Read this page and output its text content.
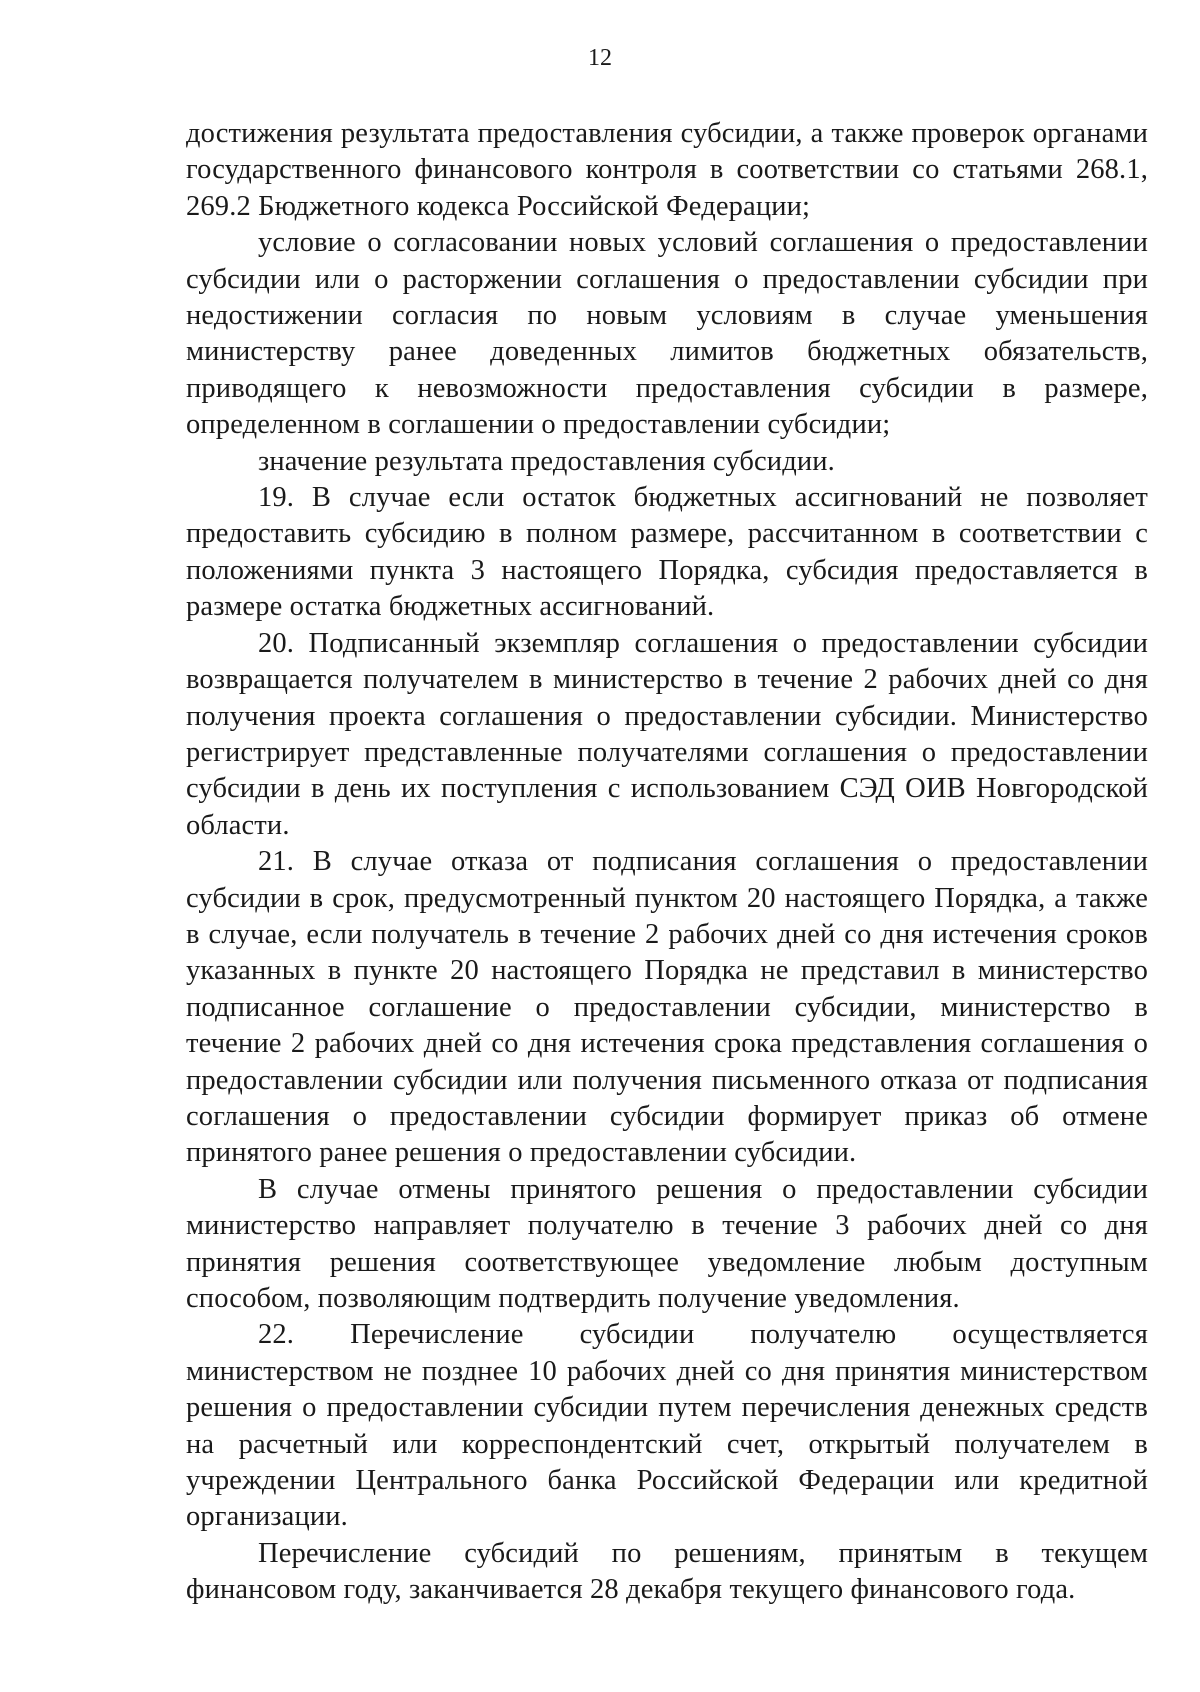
12

достижения результата предоставления субсидии, а также проверок органами государственного финансового контроля в соответствии со статьями 268.1, 269.2 Бюджетного кодекса Российской Федерации;

условие о согласовании новых условий соглашения о предоставлении субсидии или о расторжении соглашения о предоставлении субсидии при недостижении согласия по новым условиям в случае уменьшения министерству ранее доведенных лимитов бюджетных обязательств, приводящего к невозможности предоставления субсидии в размере, определенном в соглашении о предоставлении субсидии;

значение результата предоставления субсидии.

19. В случае если остаток бюджетных ассигнований не позволяет предоставить субсидию в полном размере, рассчитанном в соответствии с положениями пункта 3 настоящего Порядка, субсидия предоставляется в размере остатка бюджетных ассигнований.

20. Подписанный экземпляр соглашения о предоставлении субсидии возвращается получателем в министерство в течение 2 рабочих дней со дня получения проекта соглашения о предоставлении субсидии. Министерство регистрирует представленные получателями соглашения о предоставлении субсидии в день их поступления с использованием СЭД ОИВ Новгородской области.

21. В случае отказа от подписания соглашения о предоставлении субсидии в срок, предусмотренный пунктом 20 настоящего Порядка, а также в случае, если получатель в течение 2 рабочих дней со дня истечения сроков указанных в пункте 20 настоящего Порядка не представил в министерство подписанное соглашение о предоставлении субсидии, министерство в течение 2 рабочих дней со дня истечения срока представления соглашения о предоставлении субсидии или получения письменного отказа от подписания соглашения о предоставлении субсидии формирует приказ об отмене принятого ранее решения о предоставлении субсидии.

В случае отмены принятого решения о предоставлении субсидии министерство направляет получателю в течение 3 рабочих дней со дня принятия решения соответствующее уведомление любым доступным способом, позволяющим подтвердить получение уведомления.

22. Перечисление субсидии получателю осуществляется министерством не позднее 10 рабочих дней со дня принятия министерством решения о предоставлении субсидии путем перечисления денежных средств на расчетный или корреспондентский счет, открытый получателем в учреждении Центрального банка Российской Федерации или кредитной организации.

Перечисление субсидий по решениям, принятым в текущем финансовом году, заканчивается 28 декабря текущего финансового года.
